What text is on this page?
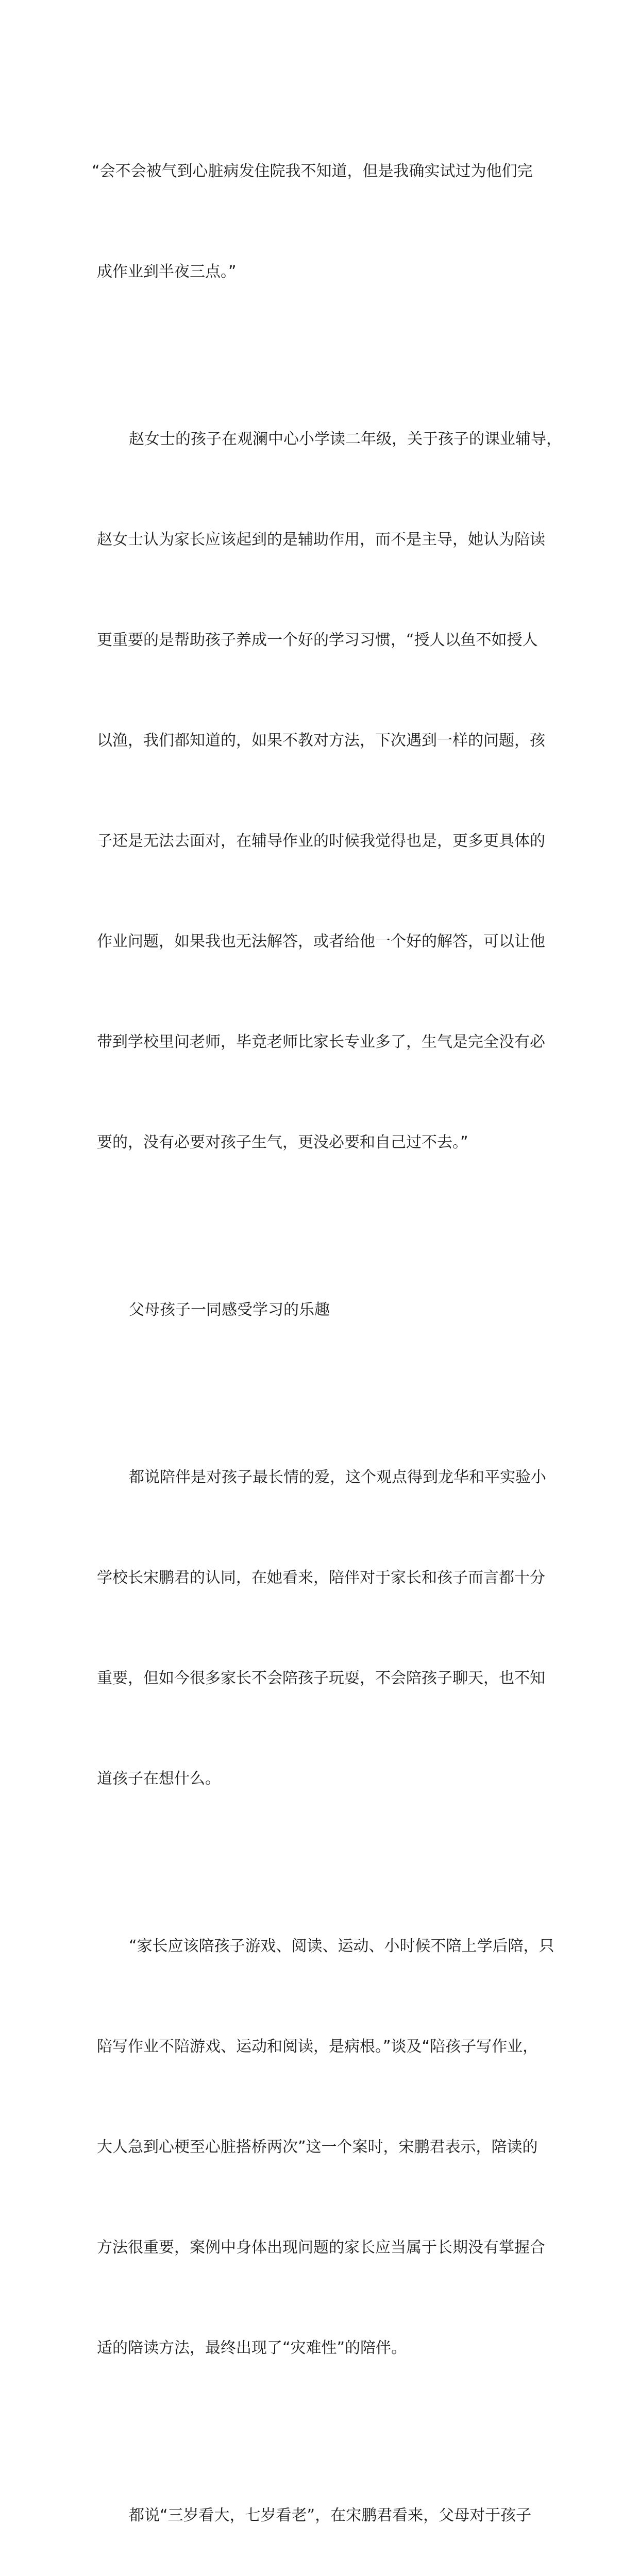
“会不会被气到心脏病发住院我不知道，但是我确实试过为他们完

成作业到半夜三点。”

赵女士的孩子在观澜中心小学读二年级，关于孩子的课业辅导，

赵女士认为家长应该起到的是辅助作用，而不是主导，她认为陪读

更重要的是帮助孩子养成一个好的学习习惯，“授人以鱼不如授人

以渔，我们都知道的，如果不教对方法，下次遇到一样的问题，孩

子还是无法去面对，在辅导作业的时候我觉得也是，更多更具体的

作业问题，如果我也无法解答，或者给他一个好的解答，可以让他

带到学校里问老师，毕竟老师比家长专业多了，生气是完全没有必

要的，没有必要对孩子生气，更没必要和自己过不去。”

父母孩子一同感受学习的乐趣

都说陪伴是对孩子最长情的爱，这个观点得到龙华和平实验小

学校长宋鹏君的认同，在她看来，陪伴对于家长和孩子而言都十分

重要，但如今很多家长不会陪孩子玩耍，不会陪孩子聊天，也不知

道孩子在想什么。

“家长应该陪孩子游戏、阅读、运动、小时候不陪上学后陪，只

陪写作业不陪游戏、运动和阅读，是病根。”谈及“陪孩子写作业，

大人急到心梗至心脏搭桥两次”这一个案时，宋鹏君表示，陪读的

方法很重要，案例中身体出现问题的家长应当属于长期没有掌握合

适的陪读方法，最终出现了“灾难性”的陪伴。

都说“三岁看大，七岁看老”，在宋鹏君看来，父母对于孩子
